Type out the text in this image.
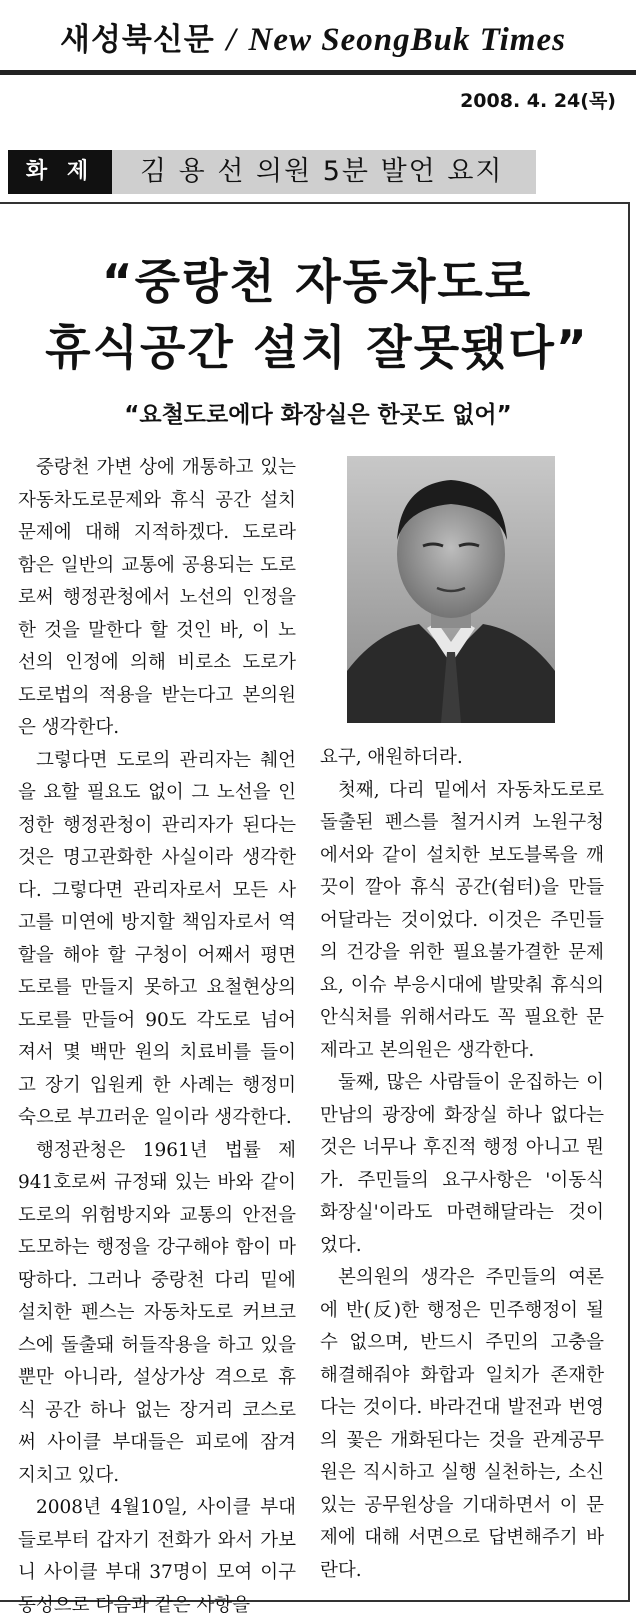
새성북신문 / New SeongBuk Times
2008. 4. 24(목)
화 제	김 용 선 의원 5분 발언 요지
“중랑천 자동차도로
휴식공간 설치 잘못됐다”
“요철도로에다 화장실은 한곳도 없어”

중랑천 가변 상에 개통하고 있는 자동차도로문제와 휴식 공간 설치문제에 대해 지적하겠다. 도로라 함은 일반의 교통에 공용되는 도로로써 행정관청에서 노선의 인정을 한 것을 말한다 할 것인 바, 이 노선의 인정에 의해 비로소 도로가 도로법의 적용을 받는다고 본의원은 생각한다.

그렇다면 도로의 관리자는 췌언을 요할 필요도 없이 그 노선을 인정한 행정관청이 관리자가 된다는 것은 명고관화한 사실이라 생각한다. 그렇다면 관리자로서 모든 사고를 미연에 방지할 책임자로서 역할을 해야 할 구청이 어째서 평면도로를 만들지 못하고 요철현상의 도로를 만들어 90도 각도로 넘어져서 몇 백만 원의 치료비를 들이고 장기 입원케 한 사례는 행정미숙으로 부끄러운 일이라 생각한다.

행정관청은 1961년 법률 제941호로써 규정돼 있는 바와 같이 도로의 위험방지와 교통의 안전을 도모하는 행정을 강구해야 함이 마땅하다. 그러나 중랑천 다리 밑에 설치한 펜스는 자동차도로 커브코스에 돌출돼 허들작용을 하고 있을 뿐만 아니라, 설상가상 격으로 휴식 공간 하나 없는 장거리 코스로써 사이클 부대들은 피로에 잠겨 지치고 있다.

2008년 4월10일, 사이클 부대들로부터 갑자기 전화가 와서 가보니 사이클 부대 37명이 모여 이구동성으로 다음과 같은 사항을

요구, 애원하더라.

첫째, 다리 밑에서 자동차도로로 돌출된 펜스를 철거시켜 노원구청에서와 같이 설치한 보도블록을 깨끗이 깔아 휴식 공간(쉼터)을 만들어달라는 것이었다. 이것은 주민들의 건강을 위한 필요불가결한 문제요, 이슈 부응시대에 발맞춰 휴식의 안식처를 위해서라도 꼭 필요한 문제라고 본의원은 생각한다.

둘째, 많은 사람들이 운집하는 이 만남의 광장에 화장실 하나 없다는 것은 너무나 후진적 행정 아니고 뭔가. 주민들의 요구사항은 '이동식 화장실'이라도 마련해달라는 것이었다.

본의원의 생각은 주민들의 여론에 반(反)한 행정은 민주행정이 될 수 없으며, 반드시 주민의 고충을 해결해줘야 화합과 일치가 존재한다는 것이다. 바라건대 발전과 번영의 꽃은 개화된다는 것을 관계공무원은 직시하고 실행 실천하는, 소신 있는 공무원상을 기대하면서 이 문제에 대해 서면으로 답변해주기 바란다.
